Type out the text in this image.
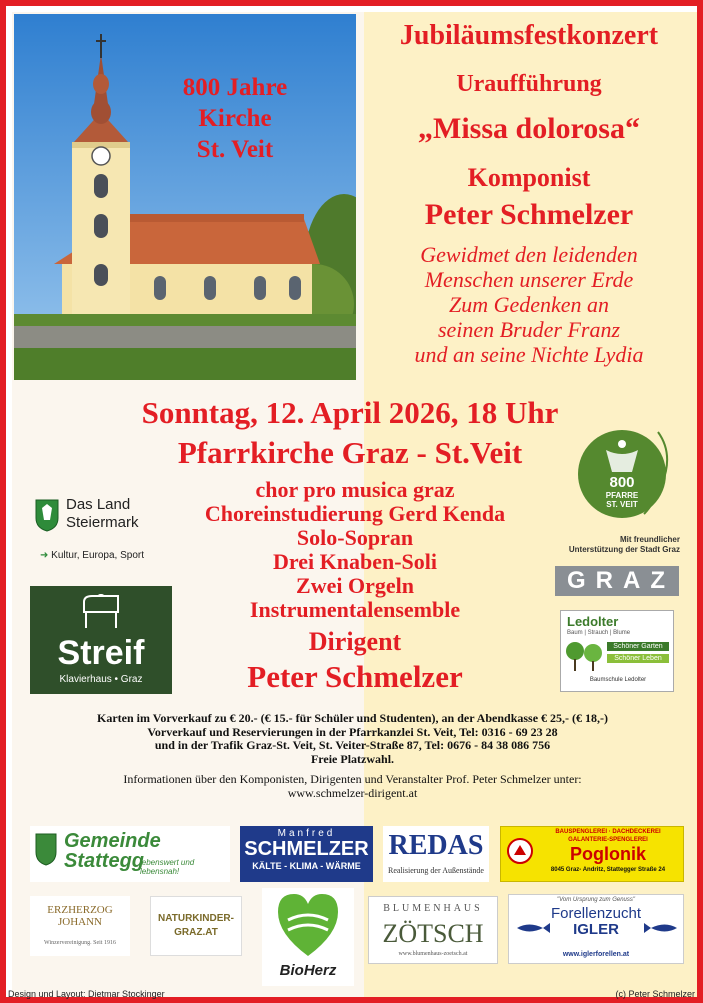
800 Jahre
Kirche
St. Veit
Jubiläumsfestkonzert
Uraufführung
„Missa dolorosa“
Komponist
Peter Schmelzer
Gewidmet den leidenden
Menschen unserer Erde
Zum Gedenken an
seinen Bruder Franz
und an seine Nichte Lydia
Sonntag, 12. April 2026, 18 Uhr
Pfarrkirche Graz - St.Veit
chor pro musica graz
Choreinstudierung Gerd Kenda
Solo-Sopran
Drei Knaben-Soli
Zwei Orgeln
Instrumentalensemble
Dirigent
Peter Schmelzer
Karten im Vorverkauf zu € 20.- (€ 15.- für Schüler und Studenten), an der Abendkasse € 25,- (€ 18,-)
Vorverkauf und Reservierungen in der Pfarrkanzlei St. Veit, Tel: 0316 - 69 23 28
und in der Trafik Graz-St. Veit, St. Veiter-Straße 87, Tel: 0676 - 84 38 086 756
Freie Platzwahl.
Informationen über den Komponisten, Dirigenten und Veranstalter Prof. Peter Schmelzer unter:
www.schmelzer-dirigent.at
Das Land
Steiermark
➜ Kultur, Europa, Sport
Streif
Klavierhaus • Graz
800
PFARRE
ST. VEIT
Mit freundlicher
Unterstützung der Stadt Graz
GRAZ
Ledolter
Baum | Strauch | Blume
Schöner Garten
Schöner Leben
Baumschule Ledolter
Gemeinde
Stattegg
lebenswert und lebensnah!
Manfred
SCHMELZER
KÄLTE - KLIMA - WÄRME
REDAS
Realisierung der Außenstände
BAUSPENGLEREI · DACHDECKEREI
GALANTERIE-SPENGLEREI
Poglonik
8045 Graz- Andritz, Stattegger Straße 24
ERZHERZOG
JOHANN
Winzervereinigung. Seit 1916
NATURKINDER-
GRAZ.AT
BioHerz
BLUMENHAUS
ZÖTSCH
www.blumenhaus-zoetsch.at
"Vom Ursprung zum Genuss"
Forellenzucht
IGLER
www.iglerforellen.at
Design und Layout: Dietmar Stockinger	(c) Peter Schmelzer
